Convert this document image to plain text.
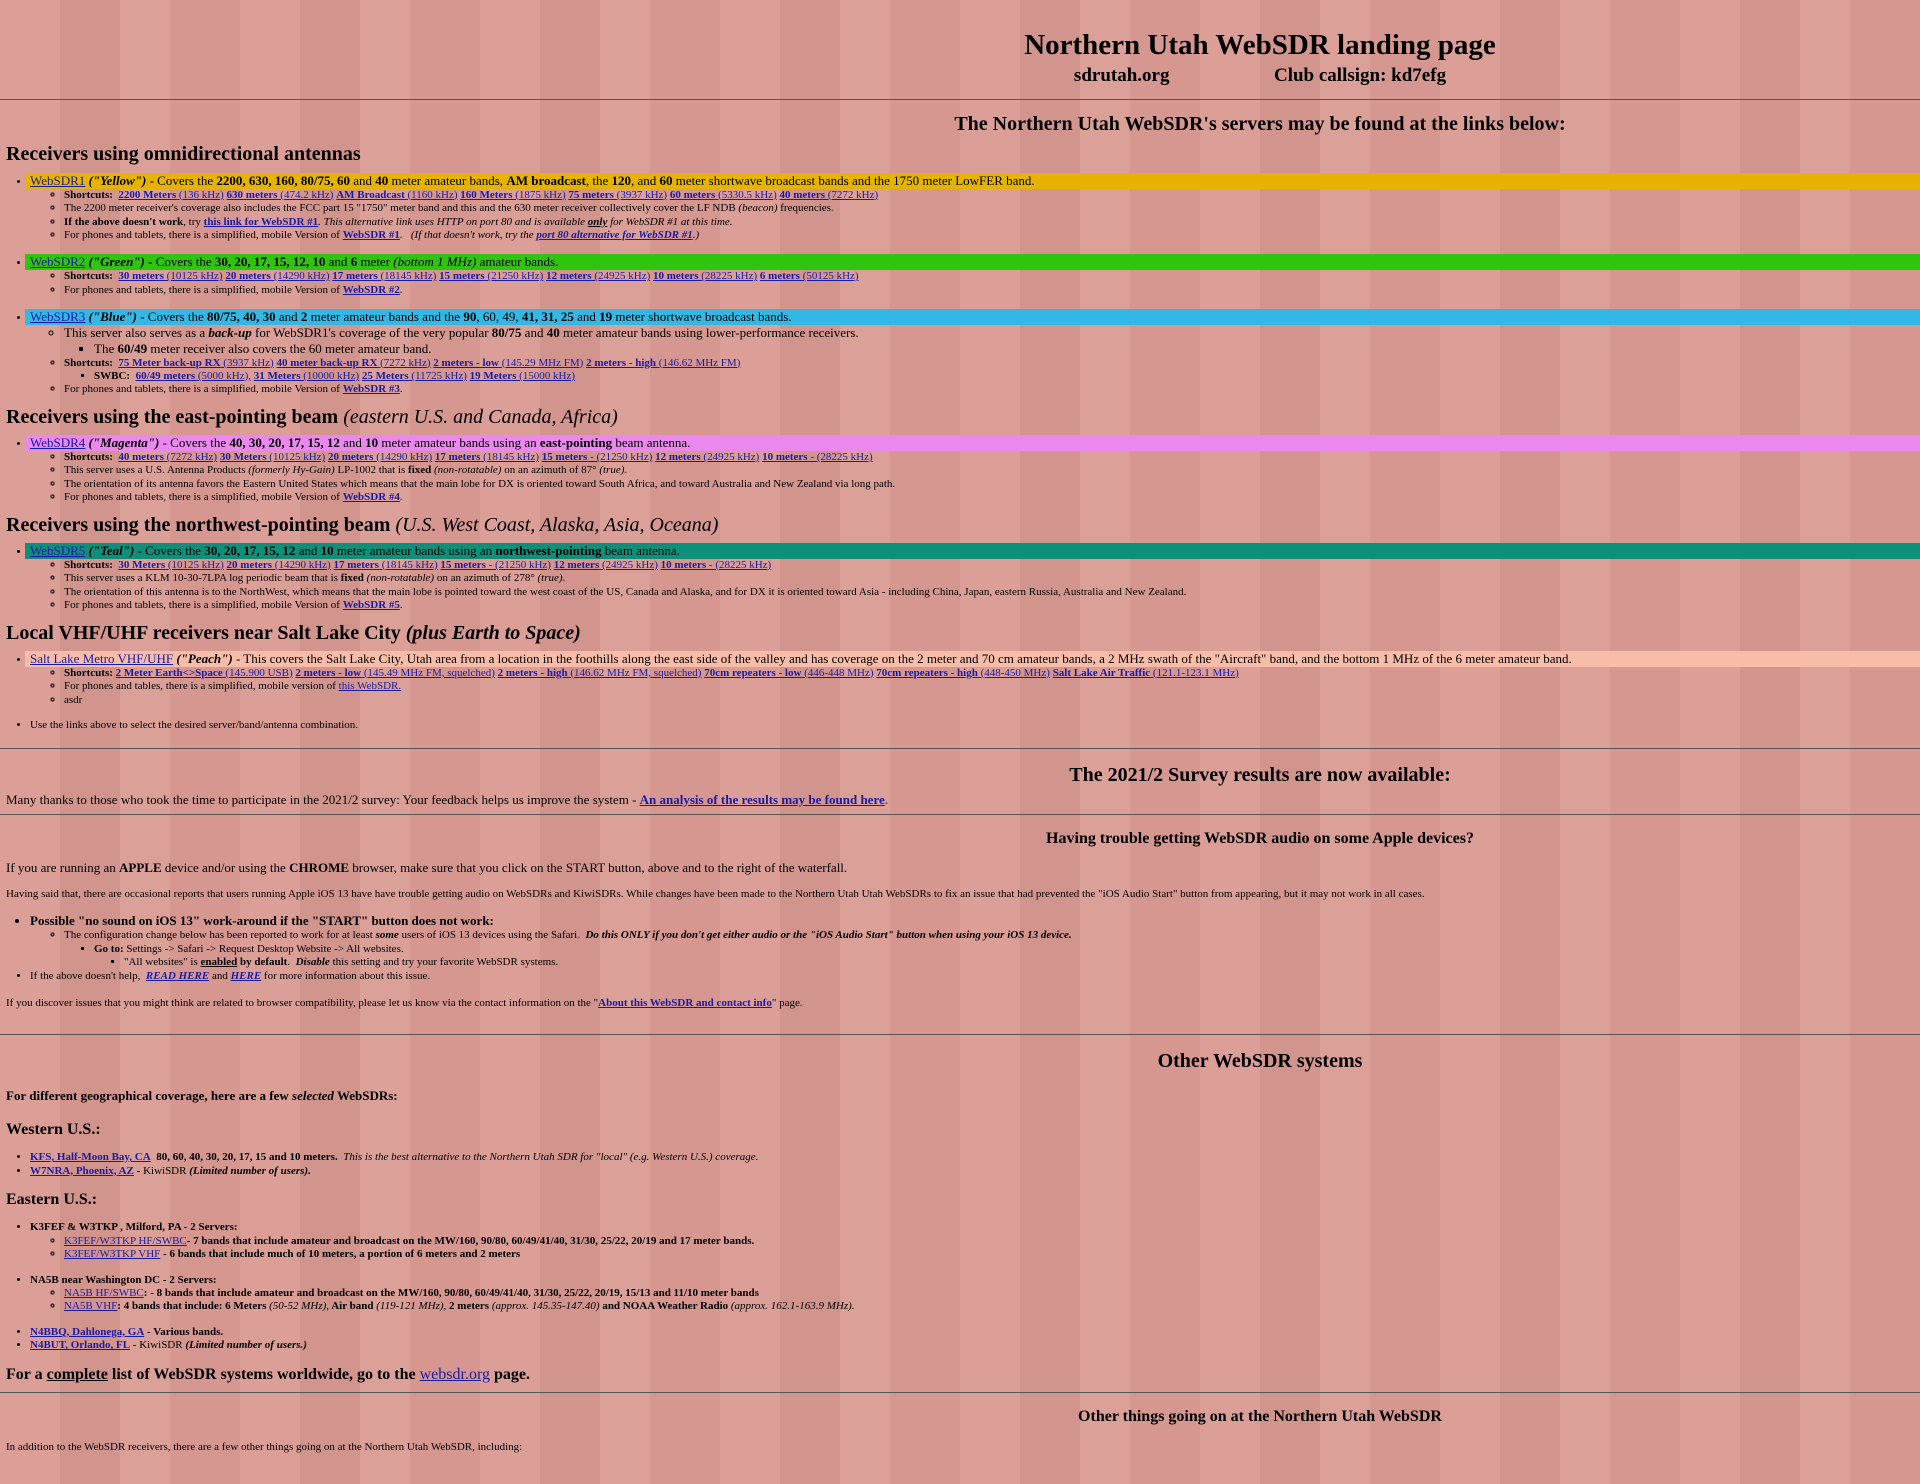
Northern Utah WebSDR landing page
sdrutah.org	Club callsign: kd7efg
The Northern Utah WebSDR's servers may be found at the links below:
Receivers using omnidirectional antennas
• WebSDR1 ("Yellow") - Covers the 2200, 630, 160, 80/75, 60 and 40 meter amateur bands, AM broadcast, the 120, and 60 meter shortwave broadcast bands and the 1750 meter LowFER band.
◦ Shortcuts: 2200 Meters (136 kHz) 630 meters (474.2 kHz) AM Broadcast (1160 kHz) 160 Meters (1875 kHz) 75 meters (3937 kHz) 60 meters (5330.5 kHz) 40 meters (7272 kHz)
◦ The 2200 meter receiver's coverage also includes the FCC part 15 "1750" meter band and this and the 630 meter receiver collectively cover the LF NDB (beacon) frequencies.
◦ If the above doesn't work, try this link for WebSDR #1. This alternative link uses HTTP on port 80 and is available only for WebSDR #1 at this time.
◦ For phones and tablets, there is a simplified, mobile Version of WebSDR #1.   (If that doesn't work, try the port 80 alternative for WebSDR #1.)
• WebSDR2 ("Green") - Covers the 30, 20, 17, 15, 12, 10 and 6 meter (bottom 1 MHz) amateur bands.
◦ Shortcuts: 30 meters (10125 kHz) 20 meters (14290 kHz) 17 meters (18145 kHz) 15 meters (21250 kHz) 12 meters (24925 kHz) 10 meters (28225 kHz) 6 meters (50125 kHz)
◦ For phones and tablets, there is a simplified, mobile Version of WebSDR #2.
• WebSDR3 ("Blue") - Covers the 80/75, 40, 30 and 2 meter amateur bands and the 90, 60, 49, 41, 31, 25 and 19 meter shortwave broadcast bands.
◦ This server also serves as a back-up for WebSDR1's coverage of the very popular 80/75 and 40 meter amateur bands using lower-performance receivers.
▪ The 60/49 meter receiver also covers the 60 meter amateur band.
◦ Shortcuts: 75 Meter back-up RX (3937 kHz) 40 meter back-up RX (7272 kHz) 2 meters - low (145.29 MHz FM) 2 meters - high (146.62 MHz FM)
▪ SWBC: 60/49 meters (5000 kHz), 31 Meters (10000 kHz) 25 Meters (11725 kHz) 19 Meters (15000 kHz)
◦ For phones and tablets, there is a simplified, mobile Version of WebSDR #3.
Receivers using the east-pointing beam (eastern U.S. and Canada, Africa)
• WebSDR4 ("Magenta") - Covers the 40, 30, 20, 17, 15, 12 and 10 meter amateur bands using an east-pointing beam antenna.
◦ Shortcuts: 40 meters (7272 kHz) 30 Meters (10125 kHz) 20 meters (14290 kHz) 17 meters (18145 kHz) 15 meters - (21250 kHz) 12 meters (24925 kHz) 10 meters - (28225 kHz)
◦ This server uses a U.S. Antenna Products (formerly Hy-Gain) LP-1002 that is fixed (non-rotatable) on an azimuth of 87° (true).
◦ The orientation of its antenna favors the Eastern United States which means that the main lobe for DX is oriented toward South Africa, and toward Australia and New Zealand via long path.
◦ For phones and tablets, there is a simplified, mobile Version of WebSDR #4.
Receivers using the northwest-pointing beam (U.S. West Coast, Alaska, Asia, Oceana)
• WebSDR5 ("Teal") - Covers the 30, 20, 17, 15, 12 and 10 meter amateur bands using an northwest-pointing beam antenna.
◦ Shortcuts: 30 Meters (10125 kHz) 20 meters (14290 kHz) 17 meters (18145 kHz) 15 meters - (21250 kHz) 12 meters (24925 kHz) 10 meters - (28225 kHz)
◦ This server uses a KLM 10-30-7LPA log periodic beam that is fixed (non-rotatable) on an azimuth of 278° (true).
◦ The orientation of this antenna is to the NorthWest, which means that the main lobe is pointed toward the west coast of the US, Canada and Alaska, and for DX it is oriented toward Asia - including China, Japan, eastern Russia, Australia and New Zealand.
◦ For phones and tablets, there is a simplified, mobile Version of WebSDR #5.
Local VHF/UHF receivers near Salt Lake City (plus Earth to Space)
• Salt Lake Metro VHF/UHF ("Peach") - This covers the Salt Lake City, Utah area from a location in the foothills along the east side of the valley and has coverage on the 2 meter and 70 cm amateur bands, a 2 MHz swath of the "Aircraft" band, and the bottom 1 MHz of the 6 meter amateur band.
◦ Shortcuts: 2 Meter Earth<>Space (145.900 USB) 2 meters - low (145.49 MHz FM, squelched) 2 meters - high (146.62 MHz FM, squelched) 70cm repeaters - low (446-448 MHz) 70cm repeaters - high (448-450 MHz) Salt Lake Air Traffic (121.1-123.1 MHz)
◦ For phones and tables, there is a simplified, mobile version of this WebSDR.
◦ asdr
• Use the links above to select the desired server/band/antenna combination.
The 2021/2 Survey results are now available:
Many thanks to those who took the time to participate in the 2021/2 survey: Your feedback helps us improve the system - An analysis of the results may be found here.
Having trouble getting WebSDR audio on some Apple devices?
If you are running an APPLE device and/or using the CHROME browser, make sure that you click on the START button, above and to the right of the waterfall.
Having said that, there are occasional reports that users running Apple iOS 13 have have trouble getting audio on WebSDRs and KiwiSDRs. While changes have been made to the Northern Utah Utah WebSDRs to fix an issue that had prevented the "iOS Audio Start" button from appearing, but it may not work in all cases.
• Possible "no sound on iOS 13" work-around if the "START" button does not work:
◦ The configuration change below has been reported to work for at least some users of iOS 13 devices using the Safari. Do this ONLY if you don't get either audio or the "iOS Audio Start" button when using your iOS 13 device.
▪ Go to: Settings -> Safari -> Request Desktop Website -> All websites.
▪ "All websites" is enabled by default. Disable this setting and try your favorite WebSDR systems.
• If the above doesn't help, READ HERE and HERE for more information about this issue.
If you discover issues that you might think are related to browser compatibility, please let us know via the contact information on the "About this WebSDR and contact info" page.
Other WebSDR systems
For different geographical coverage, here are a few selected WebSDRs:
Western U.S.:
• KFS, Half-Moon Bay, CA 80, 60, 40, 30, 20, 17, 15 and 10 meters. This is the best alternative to the Northern Utah SDR for "local" (e.g. Western U.S.) coverage.
• W7NRA, Phoenix, AZ - KiwiSDR (Limited number of users).
Eastern U.S.:
• K3FEF & W3TKP , Milford, PA - 2 Servers:
◦ K3FEF/W3TKP HF/SWBC- 7 bands that include amateur and broadcast on the MW/160, 90/80, 60/49/41/40, 31/30, 25/22, 20/19 and 17 meter bands.
◦ K3FEF/W3TKP VHF - 6 bands that include much of 10 meters, a portion of 6 meters and 2 meters
• NA5B near Washington DC - 2 Servers:
◦ NA5B HF/SWBC: - 8 bands that include amateur and broadcast on the MW/160, 90/80, 60/49/41/40, 31/30, 25/22, 20/19, 15/13 and 11/10 meter bands
◦ NA5B VHF: 4 bands that include: 6 Meters (50-52 MHz), Air band (119-121 MHz), 2 meters (approx. 145.35-147.40) and NOAA Weather Radio (approx. 162.1-163.9 MHz).
• N4BBQ, Dahlonega, GA - Various bands.
• N4BUT, Orlando, FL - KiwiSDR (Limited number of users.)
For a complete list of WebSDR systems worldwide, go to the websdr.org page.
Other things going on at the Northern Utah WebSDR
In addition to the WebSDR receivers, there are a few other things going on at the Northern Utah WebSDR, including:
